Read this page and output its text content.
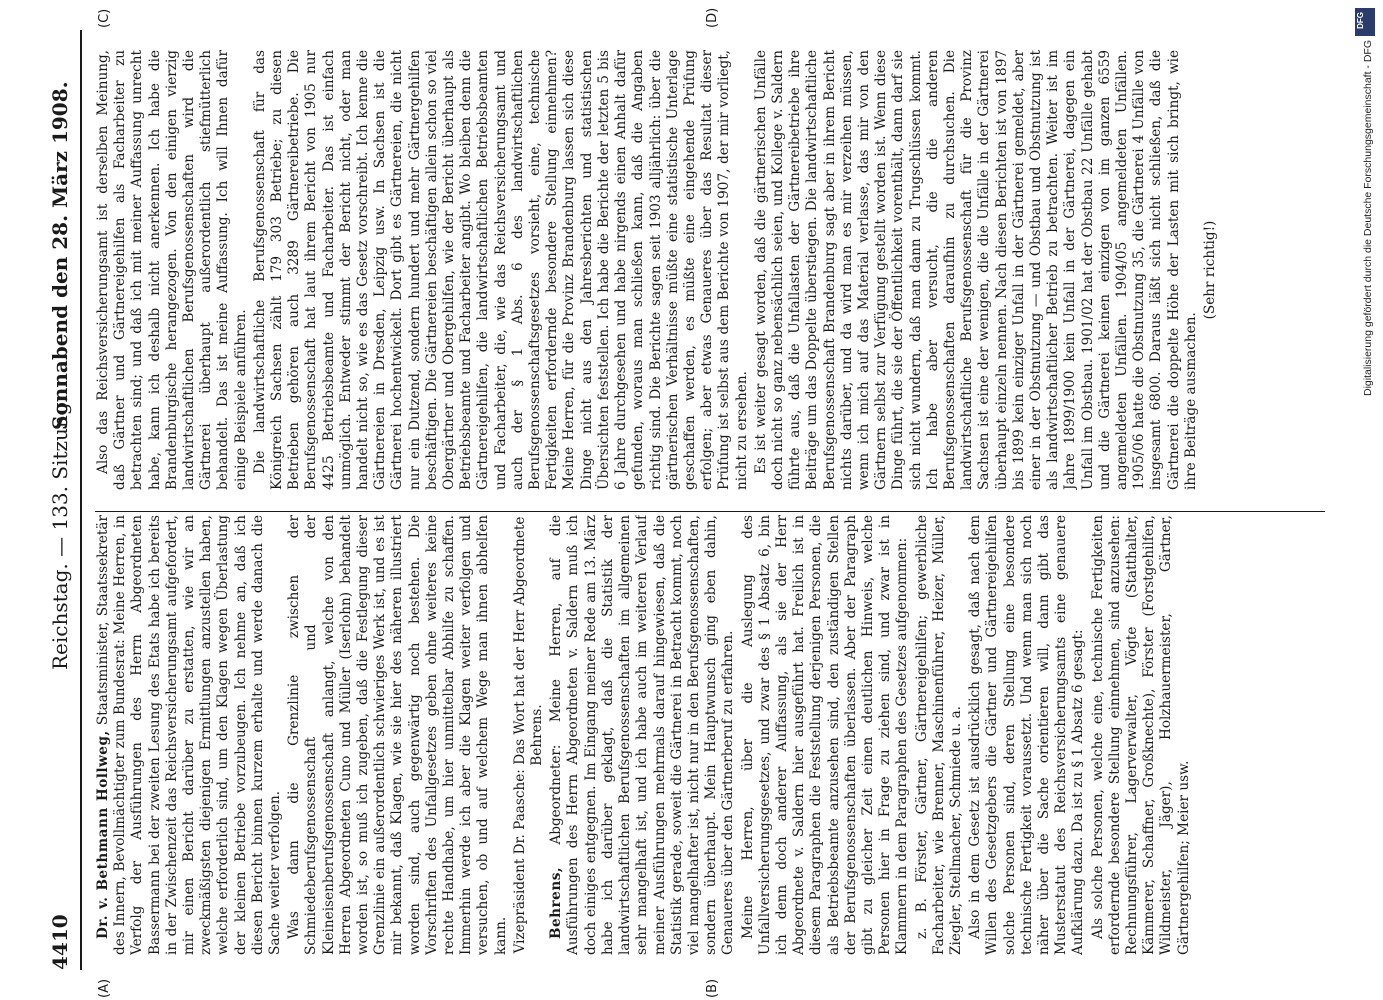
4410
Reichstag. — 133. Sitzung.
Sonnabend den 28. März 1908.

Dr. v. Bethmann Hollweg, Staatsminister, Staatssekretär des Innern, Bevollmächtigter zum Bundesrat: Meine Herren, in Verfolg der Ausführungen des Herrn Abgeordneten Bassermann bei der zweiten Lesung des Etats habe ich bereits in der Zwischenzeit das Reichsversicherungsamt aufgefordert, mir einen Bericht darüber zu erstatten, wie wir an zweckmäßigsten diejenigen Ermittlungen anzustellen haben, welche erforderlich sind, um den Klagen wegen Überlastung der kleinen Betriebe vorzubeugen. Ich nehme an, daß ich diesen Bericht binnen kurzem erhalte und werde danach die Sache weiter verfolgen. Was dann die Grenzlinie zwischen der Schmiedeberufsgenossenschaft und der Kleineisenberufsgenossenschaft anlangt, welche von den Herren Abgeordneten Cuno und Müller (Iserlohn) behandelt worden ist, so muß ich zugeben, daß die Festlegung dieser Grenzlinie ein außerordentlich schwieriges Werk ist, und es ist mir bekannt, daß Klagen, wie sie hier des näheren illustriert worden sind, auch gegenwärtig noch bestehen. Die Vorschriften des Unfallgesetzes geben ohne weiteres keine rechte Handhabe, um hier unmittelbar Abhilfe zu schaffen. Immerhin werde ich aber die Klagen weiter verfolgen und versuchen, ob und auf welchem Wege man ihnen abhelfen kann. Vizepräsident Dr. Paasche: Das Wort hat der Herr Abgeordnete Behrens.

Behrens, Abgeordneter: Meine Herren, auf die Ausführungen des Herrn Abgeordneten v. Saldern muß ich doch einiges entgegnen. Im Eingang meiner Rede am 13. März habe ich darüber geklagt, daß die Statistik der landwirtschaftlichen Berufsgenossenschaften im allgemeinen sehr mangelhaft ist, und ich habe auch im weiteren Verlauf meiner Ausführungen mehrmals darauf hingewiesen, daß die Statistik gerade, soweit die Gärtnerei in Betracht kommt, noch viel mangelhafter ist, nicht nur in den Berufsgenossenschaften, sondern überhaupt. Mein Hauptwunsch ging eben dahin, Genaueres über den Gärtnerberuf zu erfahren. Meine Herren, über die Auslegung des Unfallversicherungsgesetzes, und zwar des § 1 Absatz 6, bin ich denn doch anderer Auffassung, als sie der Herr Abgeordnete v. Saldern hier ausgeführt hat. Freilich ist in diesem Paragraphen die Feststellung derjenigen Personen, die als Betriebsbeamte anzusehen sind, den zuständigen Stellen der Berufsgenossenschaften überlassen. Aber der Paragraph gibt zu gleicher Zeit einen deutlichen Hinweis, welche Personen hier in Frage zu ziehen sind, und zwar ist in Klammern in dem Paragraphen des Gesetzes aufgenommen: z. B. Förster, Gärtner, Gärtnereigehilfen; gewerbliche Facharbeiter, wie Brenner, Maschinenführer, Heizer, Müller, Ziegler, Stellmacher, Schmiede u. a. Also in dem Gesetz ist ausdrücklich gesagt, daß nach dem Willen des Gesetzgebers die Gärtner und Gärtnereigehilfen solche Personen sind, deren Stellung eine besondere technische Fertigkeit voraussetzt. Und wenn man sich noch näher über die Sache orientieren will, dann gibt das Musterstatut des Reichsversicherungsamts eine genauere Aufklärung dazu. Da ist zu § 1 Absatz 6 gesagt: Als solche Personen, welche eine, technische Fertigkeiten erfordernde besondere Stellung einnehmen, sind anzusehen: Rechnungsführer, Lagerverwalter, Vögte (Statthalter, Kämmerer, Schaffner, Großknechte), Förster (Forstgehilfen, Wildmeister, Jäger), Holzhauermeister, Gärtner, Gärtnergehilfen; Meier usw.

Also das Reichsversicherungsamt ist derselben Meinung, daß Gärtner und Gärtnereigehilfen als Facharbeiter zu betrachten sind; und daß ich mit meiner Auffassung unrecht habe, kann ich deshalb nicht anerkennen. Ich habe die Brandenburgische herangezogen. Von den einigen vierzig landwirtschaftlichen Berufsgenossenschaften wird die Gärtnerei überhaupt außerordentlich stiefmütterlich behandelt. Das ist meine Auffassung. Ich will Ihnen dafür einige Beispiele anführen. Die landwirtschaftliche Berufsgenossenschaft für das Königreich Sachsen zählt 179 303 Betriebe; zu diesen Betrieben gehören auch 3289 Gärtnereibetriebe. Die Berufsgenossenschaft hat laut ihrem Bericht von 1905 nur 4425 Betriebsbeamte und Facharbeiter. Das ist einfach unmöglich. Entweder stimmt der Bericht nicht, oder man handelt nicht so, wie es das Gesetz vorschreibt. Ich kenne die Gärtnereien in Dresden, Leipzig usw. In Sachsen ist die Gärtnerei hochentwickelt. Dort gibt es Gärtnereien, die nicht nur ein Dutzend, sondern hundert und mehr Gärtnergehilfen beschäftigen. Die Gärtnereien beschäftigen allein schon so viel Obergärtner und Obergehilfen, wie der Bericht überhaupt als Betriebsbeamte und Facharbeiter angibt. Wo bleiben denn die Gärtnereigehilfen, die landwirtschaftlichen Betriebsbeamten und Facharbeiter, die, wie das Reichsversicherungsamt und auch der § 1 Abs. 6 des landwirtschaftlichen Berufsgenossenschaftsgesetzes vorsieht, eine, technische Fertigkeiten erfordernde besondere Stellung einnehmen? Meine Herren, für die Provinz Brandenburg lassen sich diese Dinge nicht aus den Jahresberichten und statistischen Übersichten feststellen. Ich habe die Berichte der letzten 5 bis 6 Jahre durchgesehen und habe nirgends einen Anhalt dafür gefunden, woraus man schließen kann, daß die Angaben richtig sind. Die Berichte sagen seit 1903 alljährlich: über die gärtnerischen Verhältnisse müßte eine statistische Unterlage geschaffen werden, es müßte eine eingehende Prüfung erfolgen; aber etwas Genaueres über das Resultat dieser Prüfung ist selbst aus dem Berichte von 1907, der mir vorliegt, nicht zu ersehen. Es ist weiter gesagt worden, daß die gärtnerischen Unfälle doch nicht so ganz nebensächlich seien, und Kollege v. Saldern führte aus, daß die Unfallasten der Gärtnereibetriebe ihre Beiträge um das Doppelte überstiegen. Die landwirtschaftliche Berufsgenossenschaft Brandenburg sagt aber in ihrem Bericht nichts darüber, und da wird man es mir verzeihen müssen, wenn ich mich auf das Material verlasse, das mir von den Gärtnern selbst zur Verfügung gestellt worden ist. Wenn diese Dinge führt, die sie der Öffentlichkeit vorenthält, dann darf sie sich nicht wundern, daß man dann zu Trugschlüssen kommt. Ich habe aber versucht, die die anderen Berufsgenossenschaften daraufhin zu durchsuchen. Die landwirtschaftliche Berufsgenossenschaft für die Provinz Sachsen ist eine der wenigen, die die Unfälle in der Gärtnerei überhaupt einzeln nennen. Nach diesen Berichten ist von 1897 bis 1899 kein einziger Unfall in der Gärtnerei gemeldet, aber einer in der Obstnutzung — und Obstbau und Obstnutzung ist als landwirtschaftlicher Betrieb zu betrachten. Weiter ist im Jahre 1899/1900 kein Unfall in der Gärtnerei, dagegen ein Unfall im Obstbau. 1901/02 hat der Obstbau 22 Unfälle gehabt und die Gärtnerei keinen einzigen von im ganzen 6559 angemeldeten Unfällen. 1904/05 angemeldeten Unfällen. 1905/06 hatte die Obstnutzung 35, die Gärtnerei 4 Unfälle von insgesamt 6800. Daraus läßt sich nicht schließen, daß die Gärtnerei die doppelte Höhe der Lasten mit sich bringt, wie ihre Beiträge ausmachen.

(Sehr richtig!)

(A)	(B)
(C)	(D)	DFG
Digitalisierung gefördert durch die Deutsche Forschungsgemeinschaft - DFG
